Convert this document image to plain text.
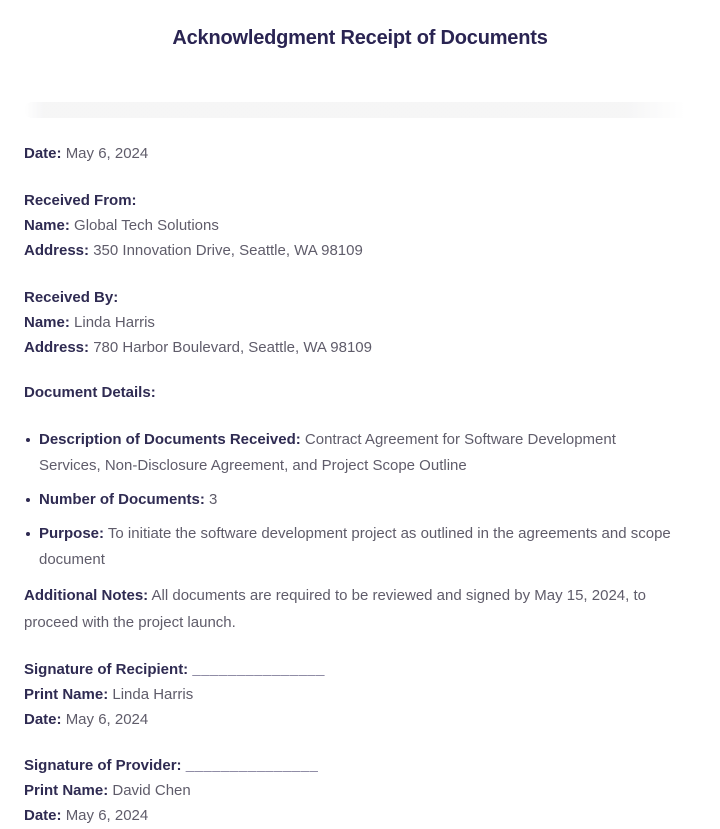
Acknowledgment Receipt of Documents

Date: May 6, 2024

Received From:

Name: Global Tech Solutions

Address: 350 Innovation Drive, Seattle, WA 98109

Received By:

Name: Linda Harris

Address: 780 Harbor Boulevard, Seattle, WA 98109

Document Details:

Description of Documents Received: Contract Agreement for Software Development Services, Non-Disclosure Agreement, and Project Scope Outline
Number of Documents: 3
Purpose: To initiate the software development project as outlined in the agreements and scope document

Additional Notes: All documents are required to be reviewed and signed by May 15, 2024, to proceed with the project launch.

Signature of Recipient: _______________

Print Name: Linda Harris

Date: May 6, 2024

Signature of Provider: _______________

Print Name: David Chen

Date: May 6, 2024
